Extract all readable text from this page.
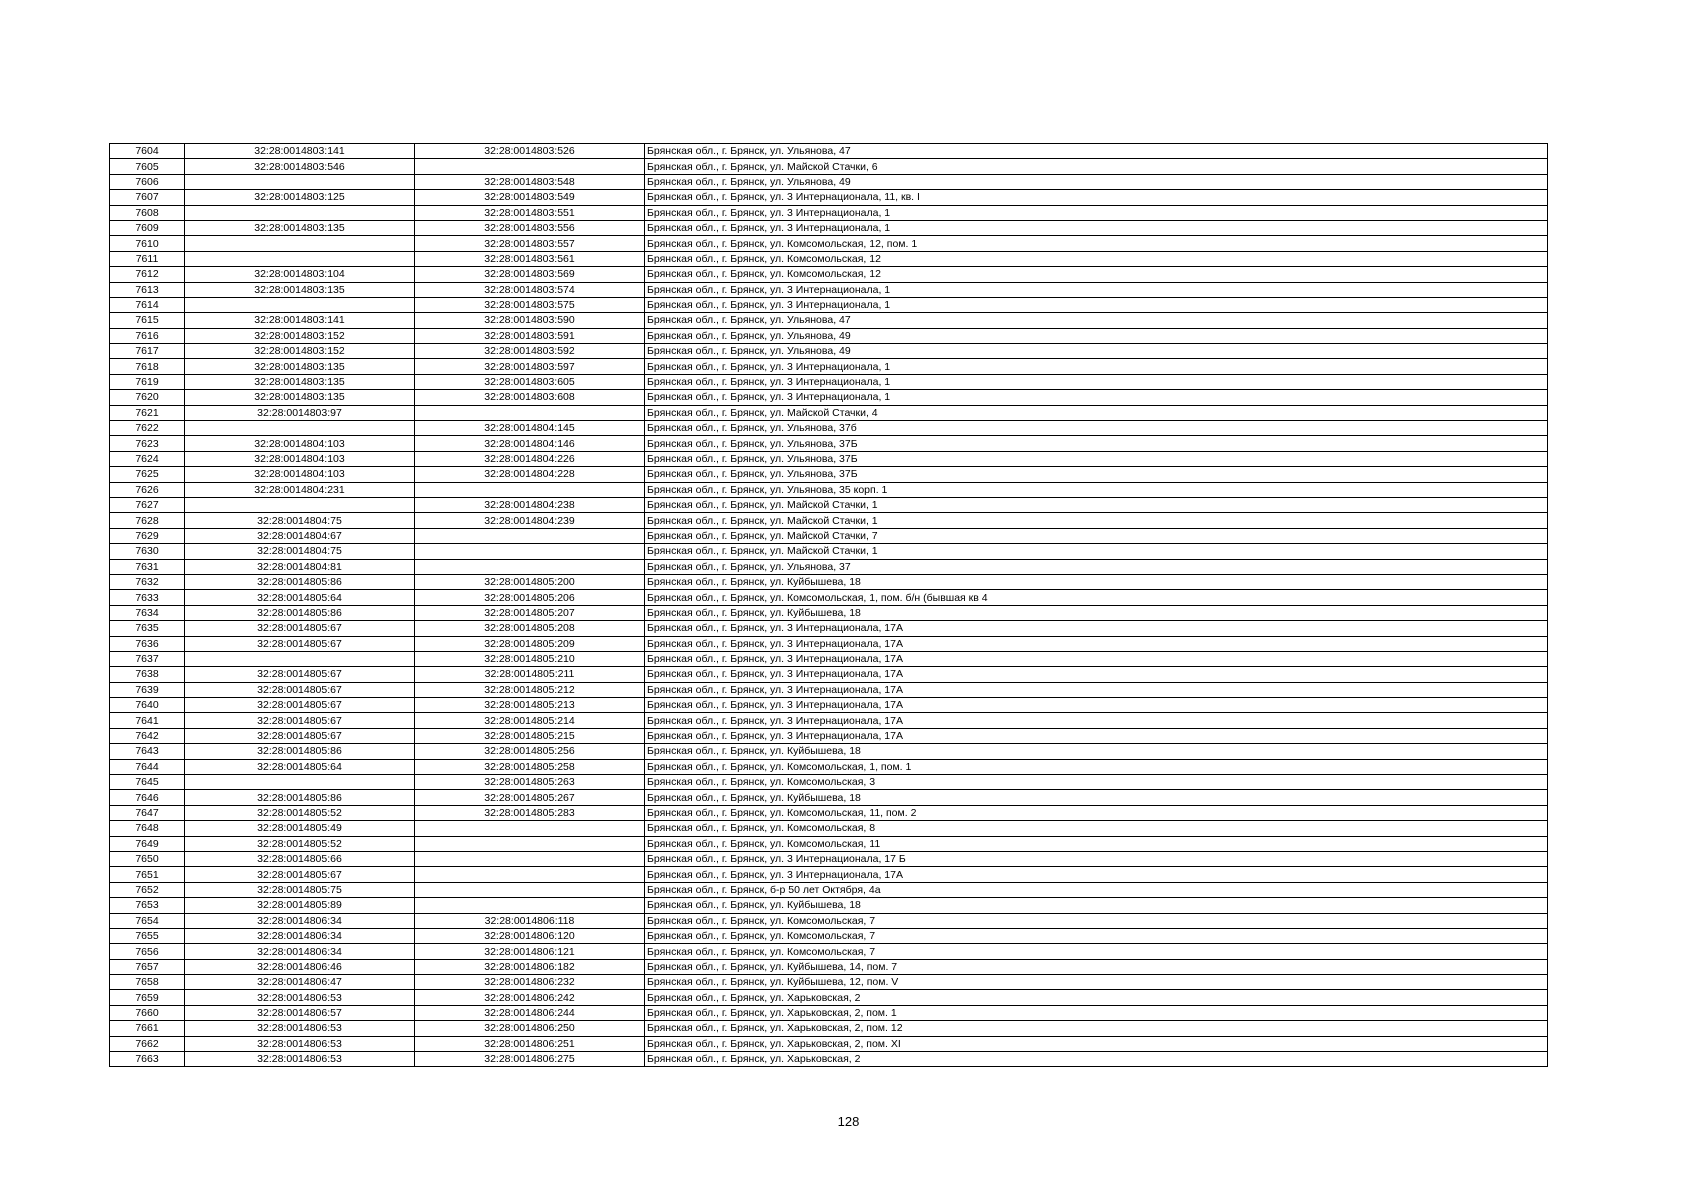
7604	32:28:0014803:141	32:28:0014803:526	Брянская обл., г. Брянск, ул. Ульянова, 47
7605	32:28:0014803:546		Брянская обл., г. Брянск, ул. Майской Стачки, 6
7606		32:28:0014803:548	Брянская обл., г. Брянск, ул. Ульянова, 49
7607	32:28:0014803:125	32:28:0014803:549	Брянская обл., г. Брянск, ул. 3 Интернационала, 11, кв. I
7608		32:28:0014803:551	Брянская обл., г. Брянск, ул. 3 Интернационала, 1
7609	32:28:0014803:135	32:28:0014803:556	Брянская обл., г. Брянск, ул. 3 Интернационала, 1
7610		32:28:0014803:557	Брянская обл., г. Брянск, ул. Комсомольская, 12, пом. 1
7611		32:28:0014803:561	Брянская обл., г. Брянск, ул. Комсомольская, 12
7612	32:28:0014803:104	32:28:0014803:569	Брянская обл., г. Брянск, ул. Комсомольская, 12
7613	32:28:0014803:135	32:28:0014803:574	Брянская обл., г. Брянск, ул. 3 Интернационала, 1
7614		32:28:0014803:575	Брянская обл., г. Брянск, ул. 3 Интернационала, 1
7615	32:28:0014803:141	32:28:0014803:590	Брянская обл., г. Брянск, ул. Ульянова, 47
7616	32:28:0014803:152	32:28:0014803:591	Брянская обл., г. Брянск, ул. Ульянова, 49
7617	32:28:0014803:152	32:28:0014803:592	Брянская обл., г. Брянск, ул. Ульянова, 49
7618	32:28:0014803:135	32:28:0014803:597	Брянская обл., г. Брянск, ул. 3 Интернационала, 1
7619	32:28:0014803:135	32:28:0014803:605	Брянская обл., г. Брянск, ул. 3 Интернационала, 1
7620	32:28:0014803:135	32:28:0014803:608	Брянская обл., г. Брянск, ул. 3 Интернационала, 1
7621	32:28:0014803:97		Брянская обл., г. Брянск, ул. Майской Стачки, 4
7622		32:28:0014804:145	Брянская обл., г. Брянск, ул. Ульянова, 37б
7623	32:28:0014804:103	32:28:0014804:146	Брянская обл., г. Брянск, ул. Ульянова, 37Б
7624	32:28:0014804:103	32:28:0014804:226	Брянская обл., г. Брянск, ул. Ульянова, 37Б
7625	32:28:0014804:103	32:28:0014804:228	Брянская обл., г. Брянск, ул. Ульянова, 37Б
7626	32:28:0014804:231		Брянская обл., г. Брянск, ул. Ульянова, 35 корп. 1
7627		32:28:0014804:238	Брянская обл., г. Брянск, ул. Майской Стачки, 1
7628	32:28:0014804:75	32:28:0014804:239	Брянская обл., г. Брянск, ул. Майской Стачки, 1
7629	32:28:0014804:67		Брянская обл., г. Брянск, ул. Майской Стачки, 7
7630	32:28:0014804:75		Брянская обл., г. Брянск, ул. Майской Стачки, 1
7631	32:28:0014804:81		Брянская обл., г. Брянск, ул. Ульянова, 37
7632	32:28:0014805:86	32:28:0014805:200	Брянская обл., г. Брянск, ул. Куйбышева, 18
7633	32:28:0014805:64	32:28:0014805:206	Брянская обл., г. Брянск, ул. Комсомольская, 1, пом. б/н (бывшая кв 4
7634	32:28:0014805:86	32:28:0014805:207	Брянская обл., г. Брянск, ул. Куйбышева, 18
7635	32:28:0014805:67	32:28:0014805:208	Брянская обл., г. Брянск, ул. 3 Интернационала, 17А
7636	32:28:0014805:67	32:28:0014805:209	Брянская обл., г. Брянск, ул. 3 Интернационала, 17А
7637		32:28:0014805:210	Брянская обл., г. Брянск, ул. 3 Интернационала, 17А
7638	32:28:0014805:67	32:28:0014805:211	Брянская обл., г. Брянск, ул. 3 Интернационала, 17А
7639	32:28:0014805:67	32:28:0014805:212	Брянская обл., г. Брянск, ул. 3 Интернационала, 17А
7640	32:28:0014805:67	32:28:0014805:213	Брянская обл., г. Брянск, ул. 3 Интернационала, 17А
7641	32:28:0014805:67	32:28:0014805:214	Брянская обл., г. Брянск, ул. 3 Интернационала, 17А
7642	32:28:0014805:67	32:28:0014805:215	Брянская обл., г. Брянск, ул. 3 Интернационала, 17А
7643	32:28:0014805:86	32:28:0014805:256	Брянская обл., г. Брянск, ул. Куйбышева, 18
7644	32:28:0014805:64	32:28:0014805:258	Брянская обл., г. Брянск, ул. Комсомольская, 1, пом. 1
7645		32:28:0014805:263	Брянская обл., г. Брянск, ул. Комсомольская, 3
7646	32:28:0014805:86	32:28:0014805:267	Брянская обл., г. Брянск, ул. Куйбышева, 18
7647	32:28:0014805:52	32:28:0014805:283	Брянская обл., г. Брянск, ул. Комсомольская, 11, пом. 2
7648	32:28:0014805:49		Брянская обл., г. Брянск, ул. Комсомольская, 8
7649	32:28:0014805:52		Брянская обл., г. Брянск, ул. Комсомольская, 11
7650	32:28:0014805:66		Брянская обл., г. Брянск, ул. 3 Интернационала, 17 Б
7651	32:28:0014805:67		Брянская обл., г. Брянск, ул. 3 Интернационала, 17А
7652	32:28:0014805:75		Брянская обл., г. Брянск, б-р 50 лет Октября, 4а
7653	32:28:0014805:89		Брянская обл., г. Брянск, ул. Куйбышева, 18
7654	32:28:0014806:34	32:28:0014806:118	Брянская обл., г. Брянск, ул. Комсомольская, 7
7655	32:28:0014806:34	32:28:0014806:120	Брянская обл., г. Брянск, ул. Комсомольская, 7
7656	32:28:0014806:34	32:28:0014806:121	Брянская обл., г. Брянск, ул. Комсомольская, 7
7657	32:28:0014806:46	32:28:0014806:182	Брянская обл., г. Брянск, ул. Куйбышева, 14, пом. 7
7658	32:28:0014806:47	32:28:0014806:232	Брянская обл., г. Брянск, ул. Куйбышева, 12, пом. V
7659	32:28:0014806:53	32:28:0014806:242	Брянская обл., г. Брянск, ул. Харьковская, 2
7660	32:28:0014806:57	32:28:0014806:244	Брянская обл., г. Брянск, ул. Харьковская, 2, пом. 1
7661	32:28:0014806:53	32:28:0014806:250	Брянская обл., г. Брянск, ул. Харьковская, 2, пом. 12
7662	32:28:0014806:53	32:28:0014806:251	Брянская обл., г. Брянск, ул. Харьковская, 2, пом. XI
7663	32:28:0014806:53	32:28:0014806:275	Брянская обл., г. Брянск, ул. Харьковская, 2
128
